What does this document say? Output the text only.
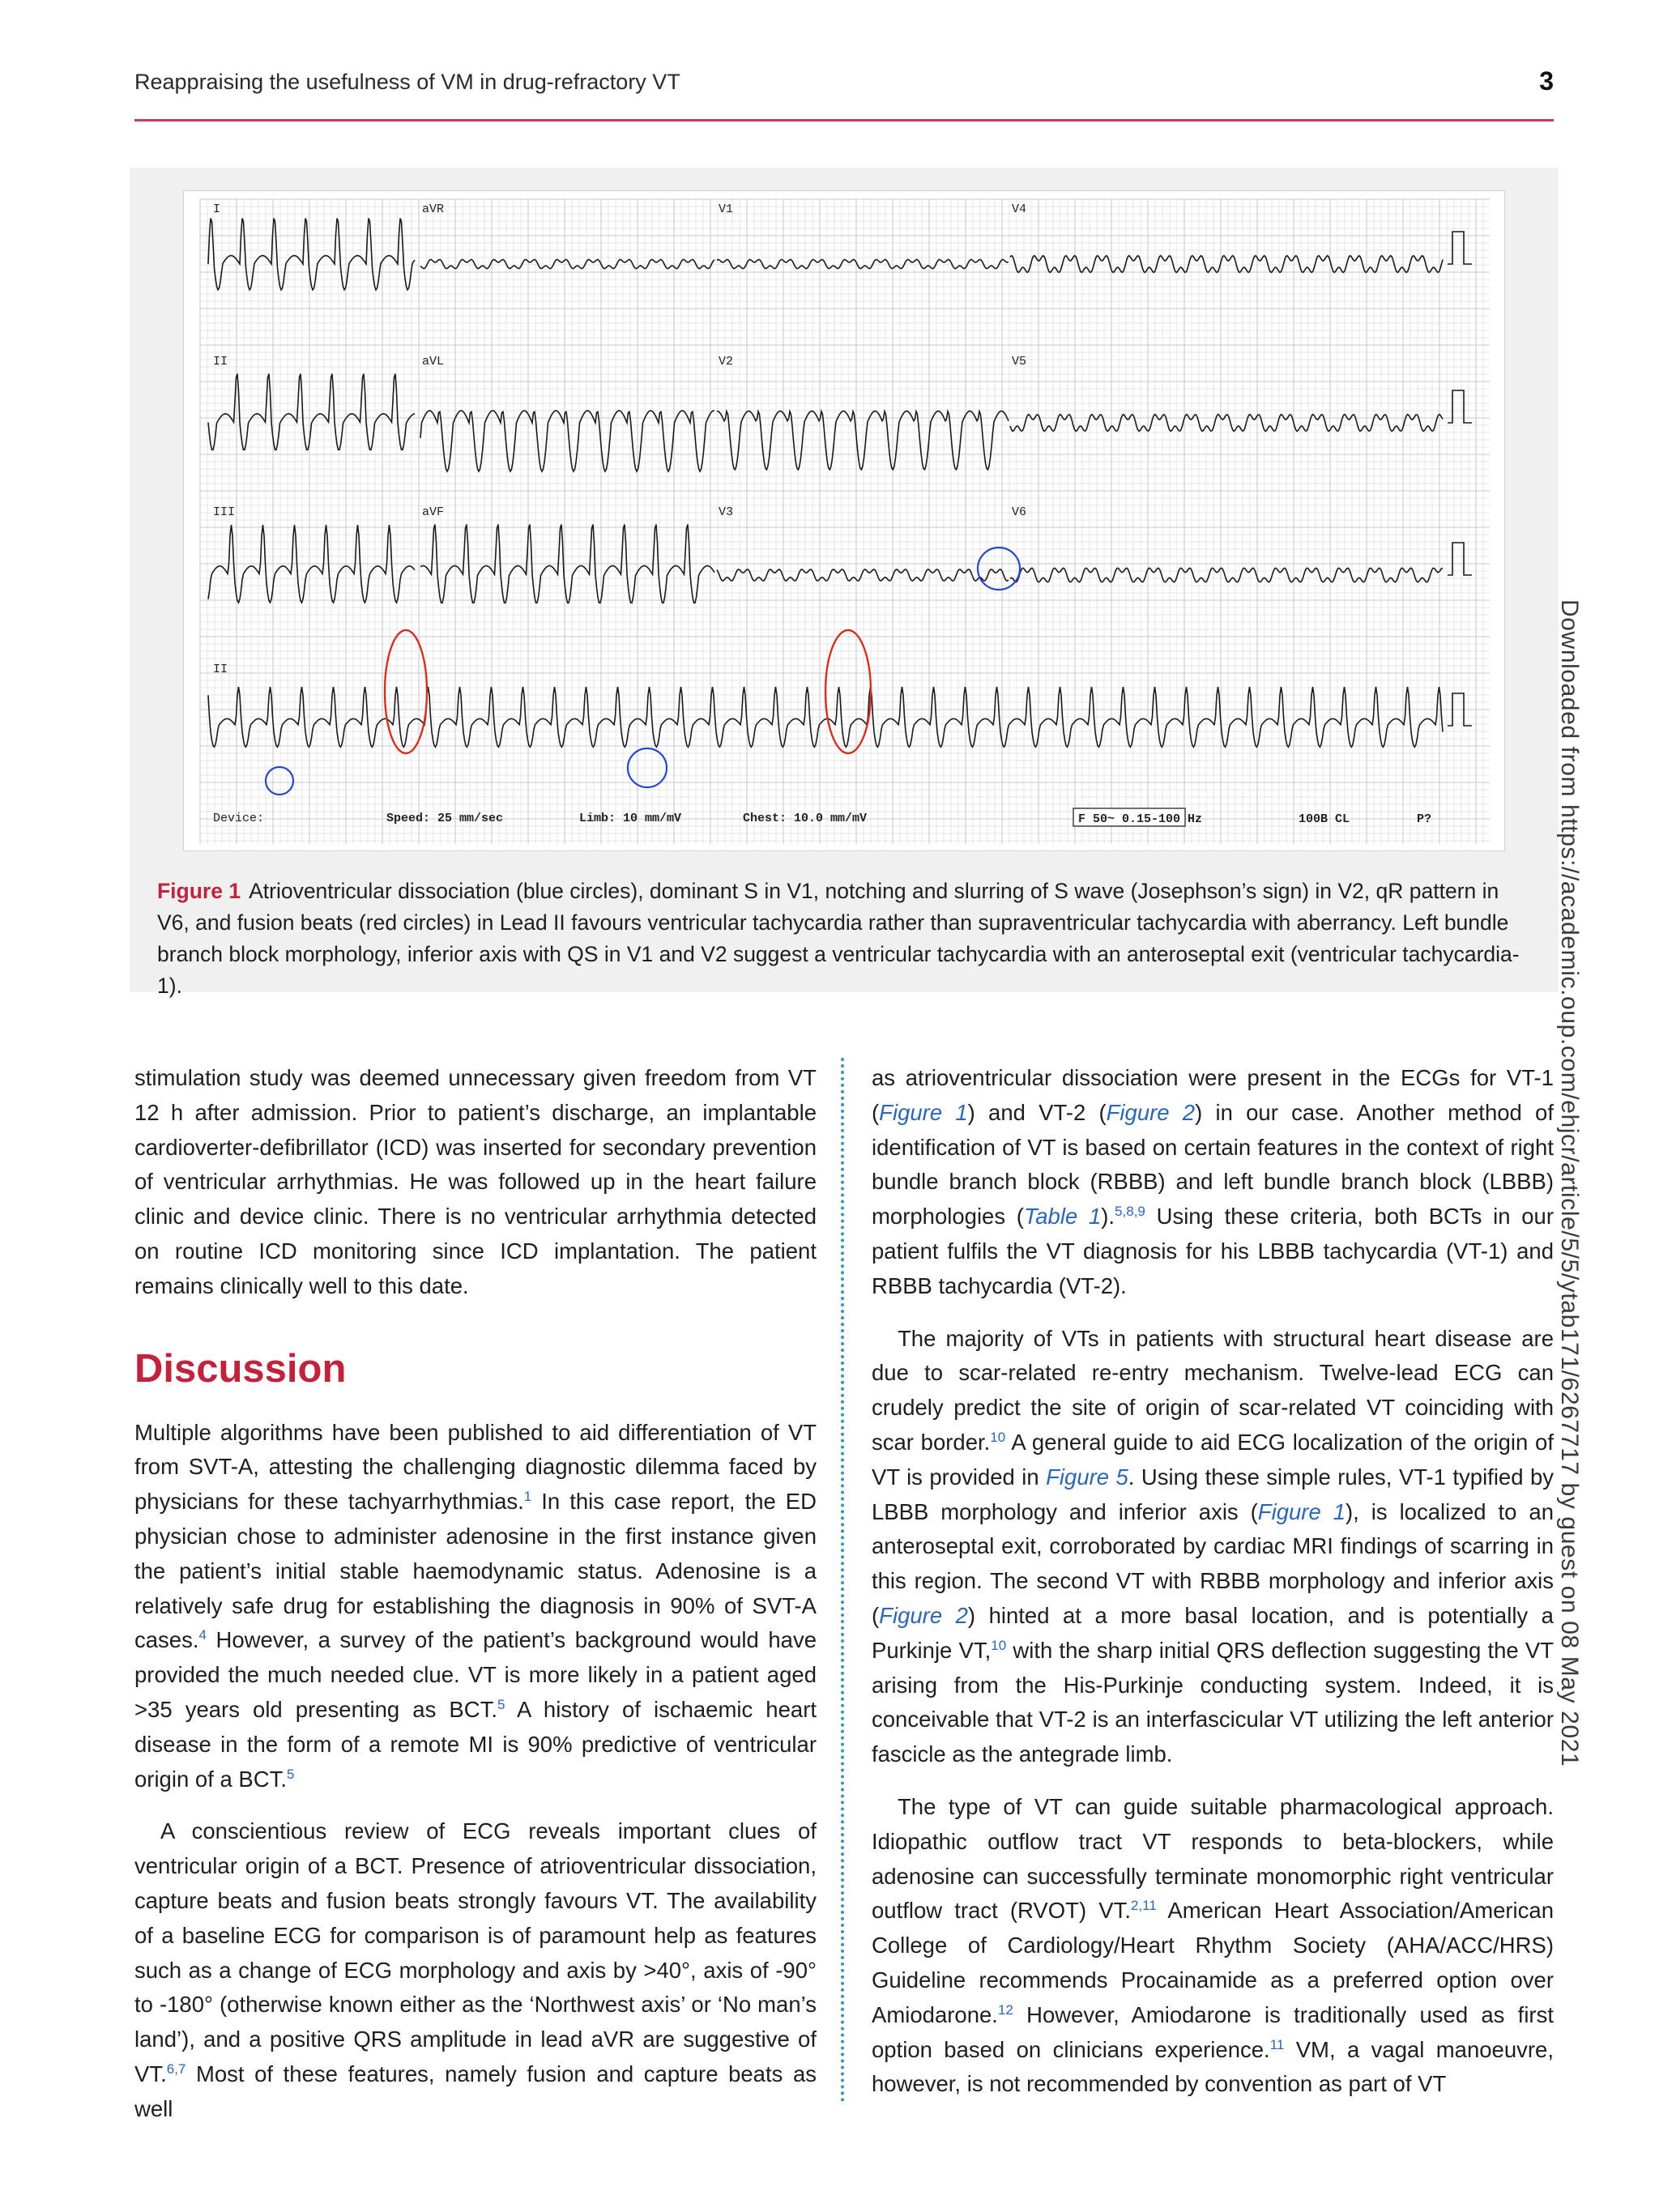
Reappraising the usefulness of VM in drug-refractory VT	3
I	aVR	V1	V4
II	aVL	V2	V5
III	aVF	V3	V6
II
Device:	Speed: 25 mm/sec	Limb: 10 mm/mV	Chest: 10.0 mm/mV	F 50~ 0.15-100 Hz	100B CL	P?
Figure 1 Atrioventricular dissociation (blue circles), dominant S in V1, notching and slurring of S wave (Josephson’s sign) in V2, qR pattern in V6, and fusion beats (red circles) in Lead II favours ventricular tachycardia rather than supraventricular tachycardia with aberrancy. Left bundle branch block morphology, inferior axis with QS in V1 and V2 suggest a ventricular tachycardia with an anteroseptal exit (ventricular tachycardia-1).	Downloaded from https://academic.oup.com/ehjcr/article/5/5/ytab171/6267717 by guest on 08 May 2021

stimulation study was deemed unnecessary given freedom from VT 12 h after admission. Prior to patient’s discharge, an implantable cardioverter-defibrillator (ICD) was inserted for secondary prevention of ventricular arrhythmias. He was followed up in the heart failure clinic and device clinic. There is no ventricular arrhythmia detected on routine ICD monitoring since ICD implantation. The patient remains clinically well to this date.

Discussion

Multiple algorithms have been published to aid differentiation of VT from SVT-A, attesting the challenging diagnostic dilemma faced by physicians for these tachyarrhythmias.$^1$ In this case report, the ED physician chose to administer adenosine in the first instance given the patient’s initial stable haemodynamic status. Adenosine is a relatively safe drug for establishing the diagnosis in 90% of SVT-A cases.$^4$ However, a survey of the patient’s background would have provided the much needed clue. VT is more likely in a patient aged >35 years old presenting as BCT.$^5$ A history of ischaemic heart disease in the form of a remote MI is 90% predictive of ventricular origin of a BCT.$^5$

A conscientious review of ECG reveals important clues of ventricular origin of a BCT. Presence of atrioventricular dissociation, capture beats and fusion beats strongly favours VT. The availability of a baseline ECG for comparison is of paramount help as features such as a change of ECG morphology and axis by >40°, axis of -90° to -180° (otherwise known either as the ‘Northwest axis’ or ‘No man’s land’), and a positive QRS amplitude in lead aVR are suggestive of VT.$^{6,7}$ Most of these features, namely fusion and capture beats as well

as atrioventricular dissociation were present in the ECGs for VT-1 (Figure 1) and VT-2 (Figure 2) in our case. Another method of identification of VT is based on certain features in the context of right bundle branch block (RBBB) and left bundle branch block (LBBB) morphologies (Table 1).$^{5,8,9}$ Using these criteria, both BCTs in our patient fulfils the VT diagnosis for his LBBB tachycardia (VT-1) and RBBB tachycardia (VT-2).

The majority of VTs in patients with structural heart disease are due to scar-related re-entry mechanism. Twelve-lead ECG can crudely predict the site of origin of scar-related VT coinciding with scar border.$^{10}$ A general guide to aid ECG localization of the origin of VT is provided in Figure 5. Using these simple rules, VT-1 typified by LBBB morphology and inferior axis (Figure 1), is localized to an anteroseptal exit, corroborated by cardiac MRI findings of scarring in this region. The second VT with RBBB morphology and inferior axis (Figure 2) hinted at a more basal location, and is potentially a Purkinje VT,$^{10}$ with the sharp initial QRS deflection suggesting the VT arising from the His-Purkinje conducting system. Indeed, it is conceivable that VT-2 is an interfascicular VT utilizing the left anterior fascicle as the antegrade limb.

The type of VT can guide suitable pharmacological approach. Idiopathic outflow tract VT responds to beta-blockers, while adenosine can successfully terminate monomorphic right ventricular outflow tract (RVOT) VT.$^{2,11}$ American Heart Association/American College of Cardiology/Heart Rhythm Society (AHA/ACC/HRS) Guideline recommends Procainamide as a preferred option over Amiodarone.$^{12}$ However, Amiodarone is traditionally used as first option based on clinicians experience.$^{11}$ VM, a vagal manoeuvre, however, is not recommended by convention as part of VT
